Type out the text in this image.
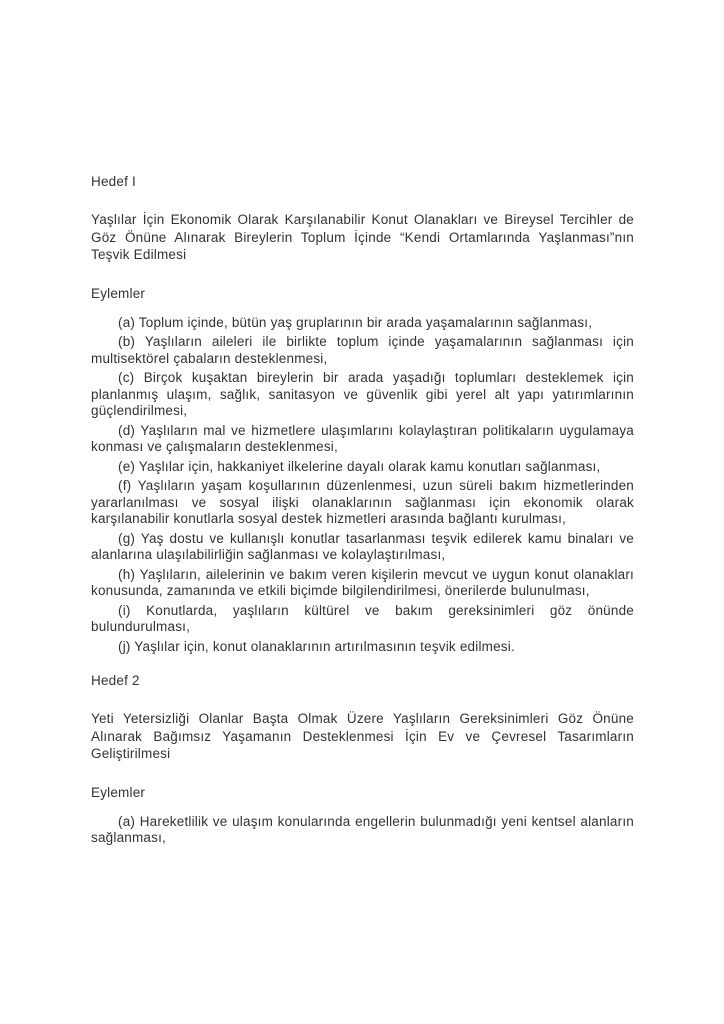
Hedef I

Yaşlılar İçin Ekonomik Olarak Karşılanabilir Konut Olanakları ve Bireysel Tercihler de Göz Önüne Alınarak Bireylerin Toplum İçinde “Kendi Ortamlarında Yaşlanması”nın Teşvik Edilmesi

Eylemler

(a) Toplum içinde, bütün yaş gruplarının bir arada yaşamalarının sağlanması,

(b) Yaşlıların aileleri ile birlikte toplum içinde yaşamalarının sağlanması için multisektörel çabaların desteklenmesi,

(c) Birçok kuşaktan bireylerin bir arada yaşadığı toplumları desteklemek için planlanmış ulaşım, sağlık, sanitasyon ve güvenlik gibi yerel alt yapı yatırımlarının güçlendirilmesi,

(d) Yaşlıların mal ve hizmetlere ulaşımlarını kolaylaştıran politikaların uygulamaya konması ve çalışmaların desteklenmesi,

(e) Yaşlılar için, hakkaniyet ilkelerine dayalı olarak kamu konutları sağlanması,

(f) Yaşlıların yaşam koşullarının düzenlenmesi, uzun süreli bakım hizmetlerinden yararlanılması ve sosyal ilişki olanaklarının sağlanması için ekonomik olarak karşılanabilir konutlarla sosyal destek hizmetleri arasında bağlantı kurulması,

(g) Yaş dostu ve kullanışlı konutlar tasarlanması teşvik edilerek kamu binaları ve alanlarına ulaşılabilirliğin sağlanması ve kolaylaştırılması,

(h) Yaşlıların, ailelerinin ve bakım veren kişilerin mevcut ve uygun konut olanakları konusunda, zamanında ve etkili biçimde bilgilendirilmesi, önerilerde bulunulması,

(i) Konutlarda, yaşlıların kültürel ve bakım gereksinimleri göz önünde bulundurulması,

(j) Yaşlılar için, konut olanaklarının artırılmasının teşvik edilmesi.

Hedef 2

Yeti Yetersizliği Olanlar Başta Olmak Üzere Yaşlıların Gereksinimleri Göz Önüne Alınarak Bağımsız Yaşamanın Desteklenmesi İçin Ev ve Çevresel Tasarımların Geliştirilmesi

Eylemler

(a) Hareketlilik ve ulaşım konularında engellerin bulunmadığı yeni kentsel alanların sağlanması,
